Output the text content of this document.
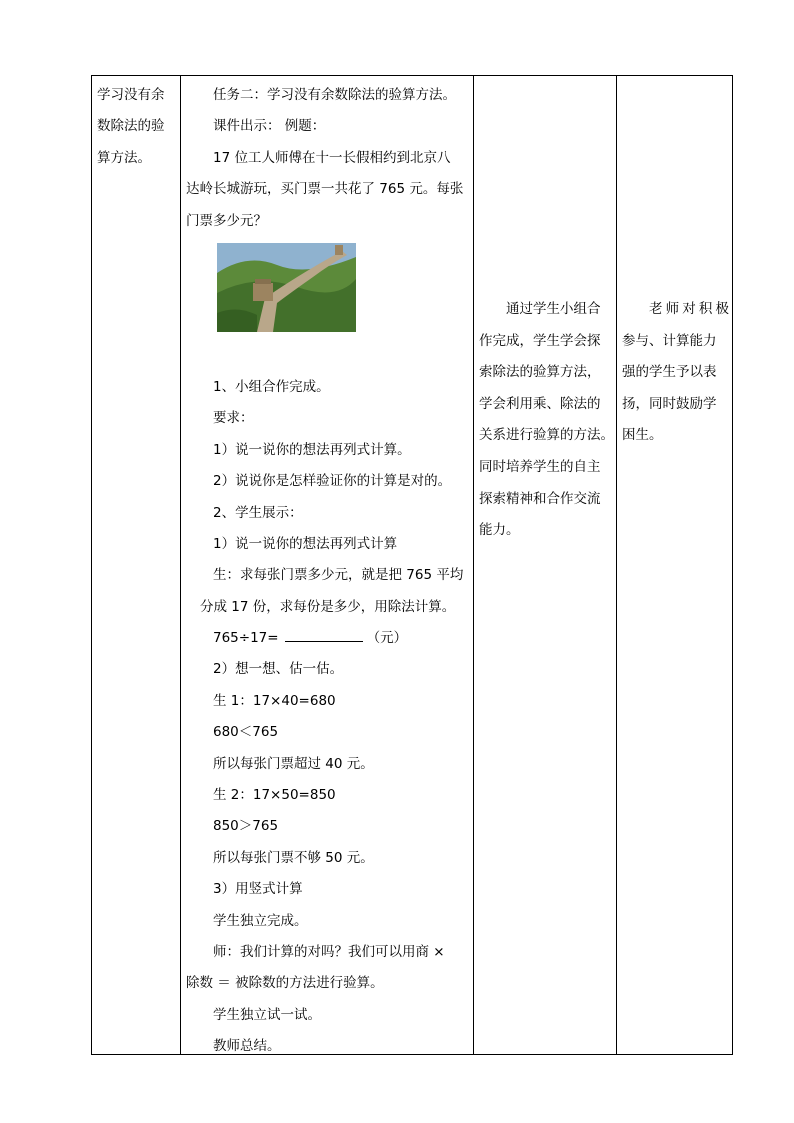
学习没有余
数除法的验
算方法。
任务二：学习没有余数除法的验算方法。
课件出示： 例题：
17 位工人师傅在十一长假相约到北京八
达岭长城游玩，买门票一共花了 765 元。每张
门票多少元？
1、小组合作完成。
要求：
1）说一说你的想法再列式计算。
2）说说你是怎样验证你的计算是对的。
2、学生展示：
1）说一说你的想法再列式计算
生：求每张门票多少元，就是把 765 平均
分成 17 份，求每份是多少，用除法计算。
765÷17=	（元）
2）想一想、估一估。
生 1：17×40=680
680＜765
所以每张门票超过 40 元。
生 2：17×50=850
850＞765
所以每张门票不够 50 元。
3）用竖式计算
学生独立完成。
师：我们计算的对吗？我们可以用商 ×
除数 ＝ 被除数的方法进行验算。
学生独立试一试。
教师总结。
通过学生小组合
作完成，学生学会探
索除法的验算方法，
学会利用乘、除法的
关系进行验算的方法。
同时培养学生的自主
探索精神和合作交流
能力。
老师对积极
参与、计算能力
强的学生予以表
扬，同时鼓励学
困生。
